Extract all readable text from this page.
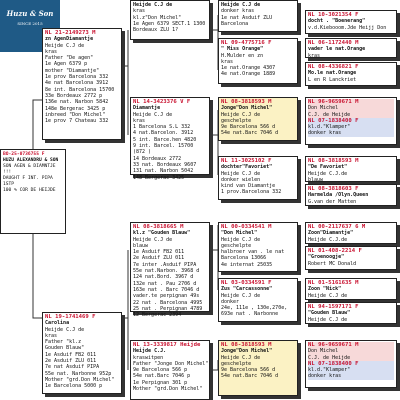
Huzu & Son
SINCE 2015
BO-25-0736755 F
HUZU ALEXANDRU & SON
SON AGEN & DIAMNTJE !!!
DAUGHT F INT. PIPA 1STP
100 % COR DE HEIJDE
NL 21-2149273 M
zn AgenDiamantje
Heijde C.J de
kras
Father "De agen"
1e Agen 6379 p
mother "Diamantje"
1e prov Barcelona 332
4e nat Barcelona 3912
8e int. Barcelona 15700
33e Bordeaux 2772 p
136e nat. Narbon 5842
148e Bergerac 3425 p
inbreed "Don Michel"
1e prov 7 Chateau 332
NL 19-1741469 F
Carolina
Heijde C.J de
kras
Father "kl.z
Gouden Blauw"
1e Asduif FB2 011
2e Asduif ZLU 011
7e nat Asduif PIPA
55e nat. Narbonne 952p
Mother "grd.Don Michel"
1e Barcelona 5000 p
Heijde C.J de
kras
kl.z"Don Michel"
1e Agen 6379 SECT.1 1300
Bordeaux ZLU 1?
NL 14-3423376 V F
Diamantje
Heijde C.J de
kras
1 Barcelona S.L 332
4 nat.Barcelon. 3912
5 int. Barce.hen 4820
9 int. Barcel. 15700
(872 )
14 Bordeaux 2772
33 nat. Bordeaux 9607
131 nat. Narbon 5042
148 Bergerac 3425
NL 08-3818665 M
kl.z "Gouden Blauw"
Heijde C.J de
blauw
1e Asduif FB2 011
2e Asduif ZLU 011
7e inter .Asduif PIPA
55e nat.Narbon. 3968 d
124 nat.Bord. 3967 d
132e nat . Pau 2706 d
163e nat . Barc 7046 d
vader.te perpignan 49s
22 nat . Barcelona 4995
25 nat . Perpignan 4789
12 Bergerac 2394
NL 13-3339817 Heijde
Heijde C.J.
kraswitpen
Father "Jonge Don Michel"
9e Barcelona 566 p
54e nat.Barc 7046 p
1e Perpignan 301 p
Mother "grd.Don Michel"
Heijde C.J de
donker kras
1e nat Asduif ZLU
Barcelona
NL 09-4775716 F
" Miss Orange"
H.Mulder en zn
kras
1e nat.Orange 4307
4e nat.Orange 1889
NL 08-3818593 M
Jonge"Don Michel"
Heijde C.J de
geschelpte
9e Barcelona 566 d
54e nat.Barc 7046 d
NL 11-3025102 F
dochter"Favoriet"
Heijde C.J de
donker wielen
kind van Diamantje
1 prov.Barcelona 332
NL 00-0334541 M
"Don Michel"
Heijde C.J de
geschelpte
halbroer van . le nat
Barcelona 13066
4e internat 25035
NL 03-0334591 F
Zus "Carcassonne"
Heijde C.J de
donker
24e, 111e , 130e,270e,
693e nat . Narbonne
NL 08-3818593 M
Jonge"Don Michel"
Heijde C.J de
geschelpte
9e Barcelona 566 d
54e nat.Barc 7046 d
NL 10-3021354 F
docht . "Boenerang"
v.d.Kiebooom.Jde Heijj Don
NL 06-1172440 M
vader le nat.Orange
kras
NL 08-4336821 F
Mo.le nat.Orange
L en R Lanckriet
NL 96-9659671 M
Don Michel
C.J. de Heijde
NL 07-1838400 F
kl.d."Klamper"
donker kras
NL 08-3818593 M
"De Favoriet"
Heijde C.J.de
blauw
NL 08-3818603 F
Harmelda /Olyn.Queen
G.van der Matten
NL 00-2117637 6 M
Zoon"Diamantje"
Heijde C.J.de
NL 01-408-2214 F
"Groenoogje"
Robert MC Donald
NL 01-5161635 M
Zoon "Nick"
Heijde C.J de
NL 94-1597171 F
"Gouden Blauw"
Heijde C.J de
NL 96-9659671 M
Don Michel
C.J. de Heijde
NL 07-1838400 F
kl.d."Klamper"
donker kras
